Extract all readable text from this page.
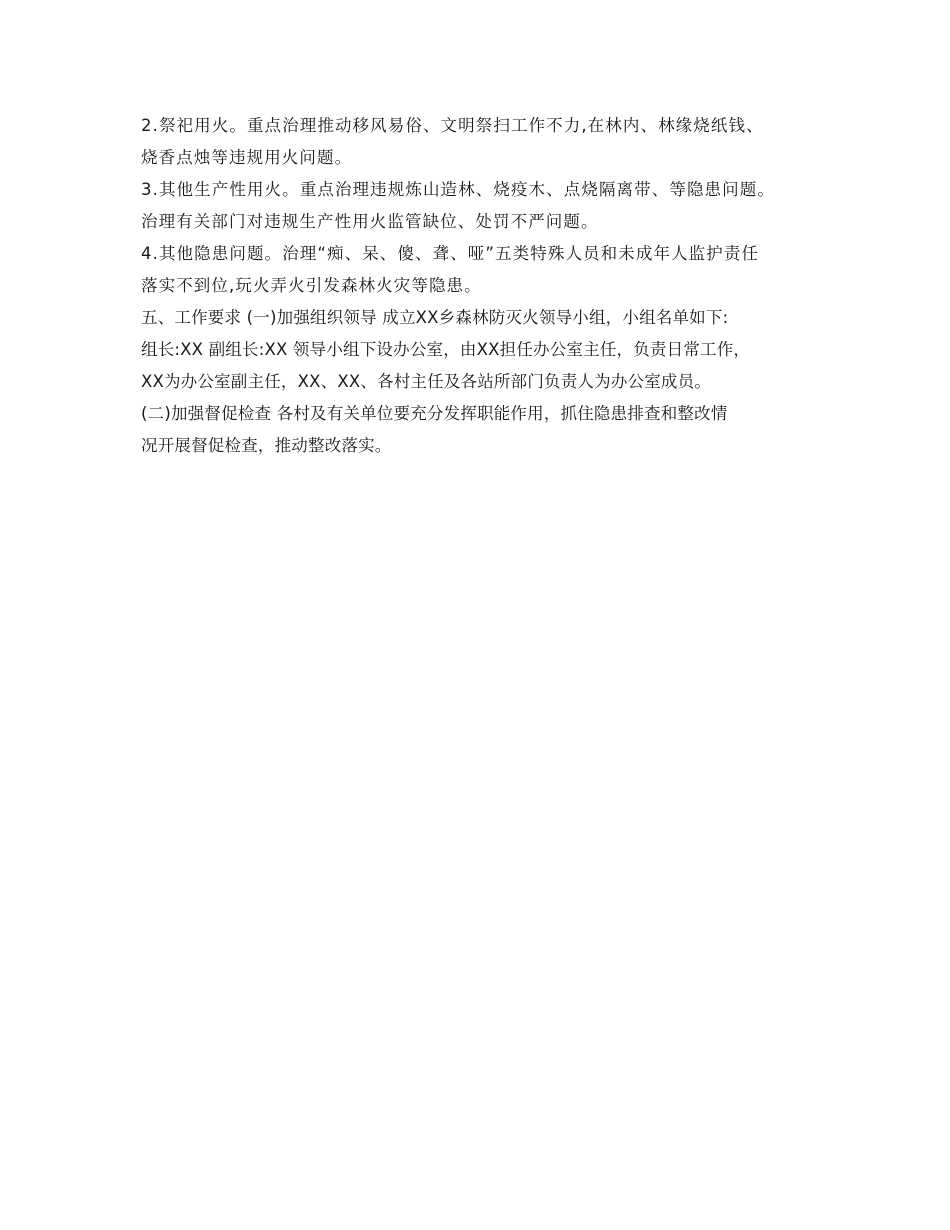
2.祭祀用火。重点治理推动移风易俗、文明祭扫工作不力,在林内、林缘烧纸钱、
烧香点烛等违规用火问题。
3.其他生产性用火。重点治理违规炼山造林、烧疫木、点烧隔离带、等隐患问题。
治理有关部门对违规生产性用火监管缺位、处罚不严问题。
4.其他隐患问题。治理“痴、呆、傻、聋、哑”五类特殊人员和未成年人监护责任
落实不到位,玩火弄火引发森林火灾等隐患。
五、工作要求 (一)加强组织领导 成立XX乡森林防灭火领导小组，小组名单如下:
组长:XX 副组长:XX 领导小组下设办公室，由XX担任办公室主任，负责日常工作，
XX为办公室副主任，XX、XX、各村主任及各站所部门负责人为办公室成员。
(二)加强督促检查 各村及有关单位要充分发挥职能作用，抓住隐患排查和整改情
况开展督促检查，推动整改落实。
